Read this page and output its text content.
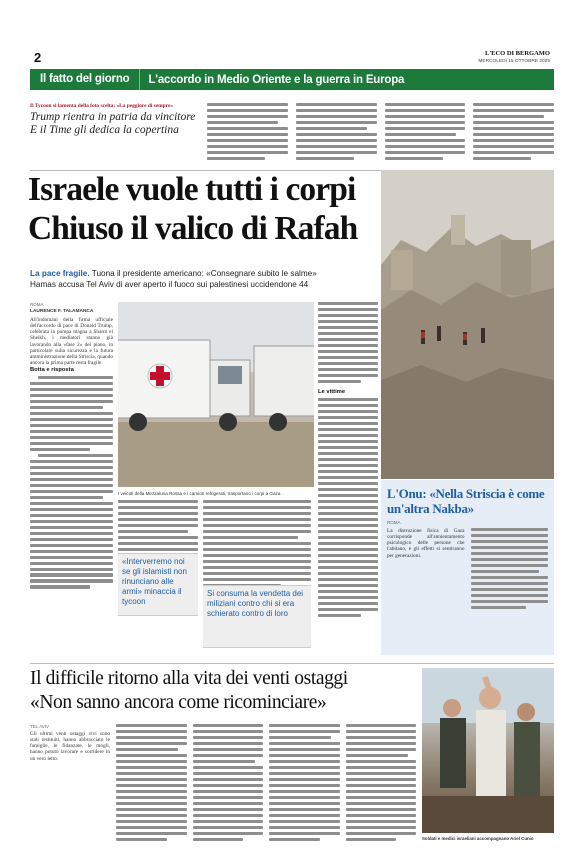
2	L'ECO DI BERGAMO
MERCOLEDÌ 15 OTTOBRE 2025
Il fatto del giorno	L'accordo in Medio Oriente e la guerra in Europa
Il Tycoon si lamenta della foto scelta: «La peggiore di sempre»
Trump rientra in patria da vincitore
E il Time gli dedica la copertina
Israele vuole tutti i corpi
Chiuso il valico di Rafah
La pace fragile. Tuona il presidente americano: «Consegnare subito le salme»
Hamas accusa Tel Aviv di aver aperto il fuoco sui palestinesi uccidendone 44
ROMA
LAURENCE F. TALAMANCA
All'indomani della firma ufficiale dell'accordo di pace di Donald Trump, celebrata in pompa magna a Sharm el Sheikh, i mediatori stanno già lavorando alla «fase 2» del piano, in particolare sulla sicurezza e la futura amministrazione della Striscia, quando ancora la prima parte resta fragile.
Botta e risposta
I veicoli della Mezzaluna Rossa e i camion refrigerati, trasportano i corpi a Gaza
Le vittime
«Interverremo noi se gli islamisti non rinunciano alle armi» minaccia il tycoon
Si consuma la vendetta dei miliziani contro chi si era schierato contro di loro
L'Onu: «Nella Striscia è come un'altra Nakba»
ROMA
La distruzione fisica di Gaza corrisponde all'annientamento psicologico delle persone che l'abitano, e gli effetti si sentiranno per generazioni.
Il difficile ritorno alla vita dei venti ostaggi
«Non sanno ancora come ricominciare»
TEL AVIV
Gli ultimi venti ostaggi vivi sono stati restituiti, hanno abbracciato le famiglie, le fidanzate, le mogli, hanno potuto lavorare e sorridere in un vero letto.
Soldati e medici israeliani accompagnano Ariel Cunio
